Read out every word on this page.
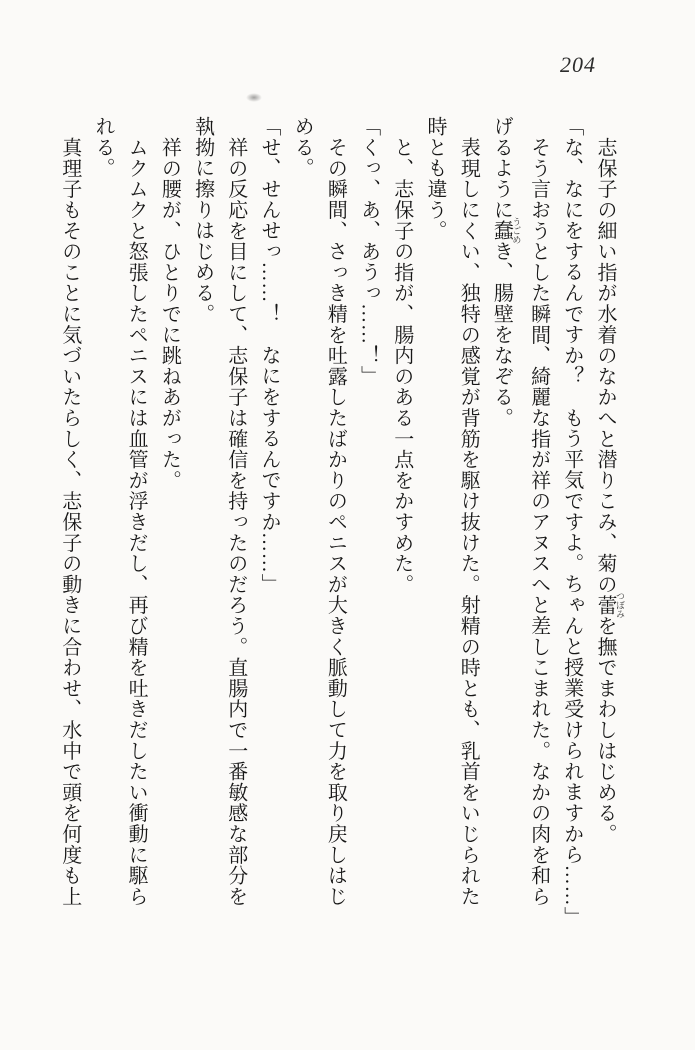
204
志保子の細い指が水着のなかへと潜りこみ、菊の蕾 つぼみを撫でまわしはじめる。
「な、なにをするんですか？　もう平気ですよ。ちゃんと授業受けられますから……」
そう言おうとした瞬間、綺麗な指が祥のアヌスへと差しこまれた。なかの肉を和ら
げるように蠢 うごめき、腸壁をなぞる。
表現しにくい、独特の感覚が背筋を駆け抜けた。射精の時とも、乳首をいじられた
時とも違う。
と、志保子の指が、腸内のある一点をかすめた。
「くっ、あ、あうっ……！」
その瞬間、さっき精を吐露したばかりのペニスが大きく脈動して力を取り戻しはじ
める。
「せ、せんせっ……！　なにをするんですか……」
祥の反応を目にして、志保子は確信を持ったのだろう。直腸内で一番敏感な部分を
執拗に擦りはじめる。
祥の腰が、ひとりでに跳ねあがった。
ムクムクと怒張したペニスには血管が浮きだし、再び精を吐きだしたい衝動に駆ら
れる。
真理子もそのことに気づいたらしく、志保子の動きに合わせ、水中で頭を何度も上
